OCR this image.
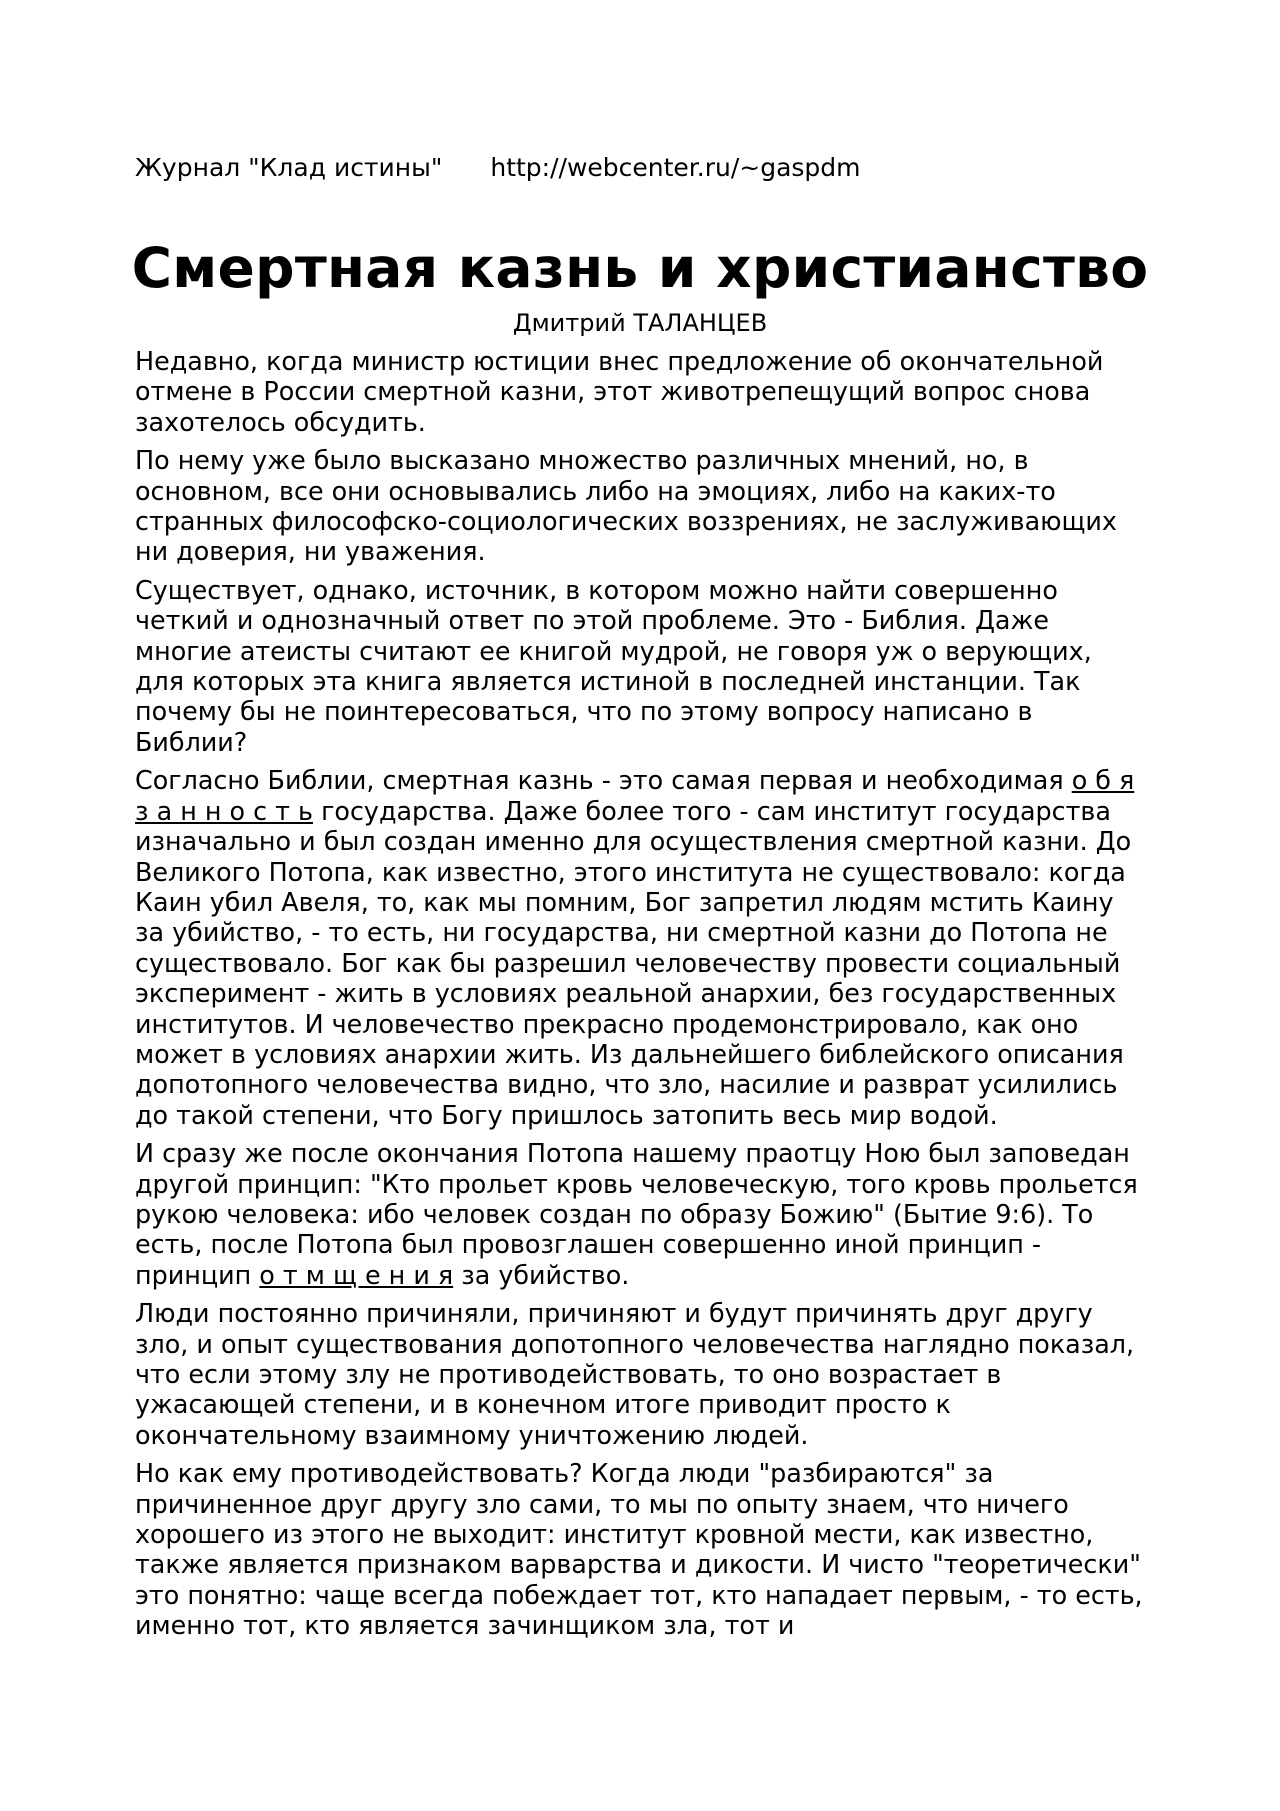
Журнал "Клад истины" http://webcenter.ru/~gaspdm
Смертная казнь и христианство
Дмитрий ТАЛАНЦЕВ

Недавно, когда министр юстиции внес предложение об окончательной отмене в России смертной казни, этот животрепещущий вопрос снова захотелось обсудить.

По нему уже было высказано множество различных мнений, но, в основном, все они основывались либо на эмоциях, либо на каких-то странных философско-социологических воззрениях, не заслуживающих ни доверия, ни уважения.

Существует, однако, источник, в котором можно найти совершенно четкий и однозначный ответ по этой проблеме. Это - Библия. Даже многие атеисты считают ее книгой мудрой, не говоря уж о верующих, для которых эта книга является истиной в последней инстанции. Так почему бы не поинтересоваться, что по этому вопросу написано в Библии?

Согласно Библии, смертная казнь - это самая первая и необходимая о б я з а н н о с т ь государства. Даже более того - сам институт государства изначально и был создан именно для осуществления смертной казни. До Великого Потопа, как известно, этого института не существовало: когда Каин убил Авеля, то, как мы помним, Бог запретил людям мстить Каину за убийство, - то есть, ни государства, ни смертной казни до Потопа не существовало. Бог как бы разрешил человечеству провести социальный эксперимент - жить в условиях реальной анархии, без государственных институтов. И человечество прекрасно продемонстрировало, как оно может в условиях анархии жить. Из дальнейшего библейского описания допотопного человечества видно, что зло, насилие и разврат усилились до такой степени, что Богу пришлось затопить весь мир водой.

И сразу же после окончания Потопа нашему праотцу Ною был заповедан другой принцип: "Кто прольет кровь человеческую, того кровь прольется рукою человека: ибо человек создан по образу Божию" (Бытие 9:6). То есть, после Потопа был провозглашен совершенно иной принцип - принцип о т м щ е н и я за убийство.

Люди постоянно причиняли, причиняют и будут причинять друг другу зло, и опыт существования допотопного человечества наглядно показал, что если этому злу не противодействовать, то оно возрастает в ужасающей степени, и в конечном итоге приводит просто к окончательному взаимному уничтожению людей.

Но как ему противодействовать? Когда люди "разбираются" за причиненное друг другу зло сами, то мы по опыту знаем, что ничего хорошего из этого не выходит: институт кровной мести, как известно, также является признаком варварства и дикости. И чисто "теоретически" это понятно: чаще всегда побеждает тот, кто нападает первым, - то есть, именно тот, кто является зачинщиком зла, тот и
